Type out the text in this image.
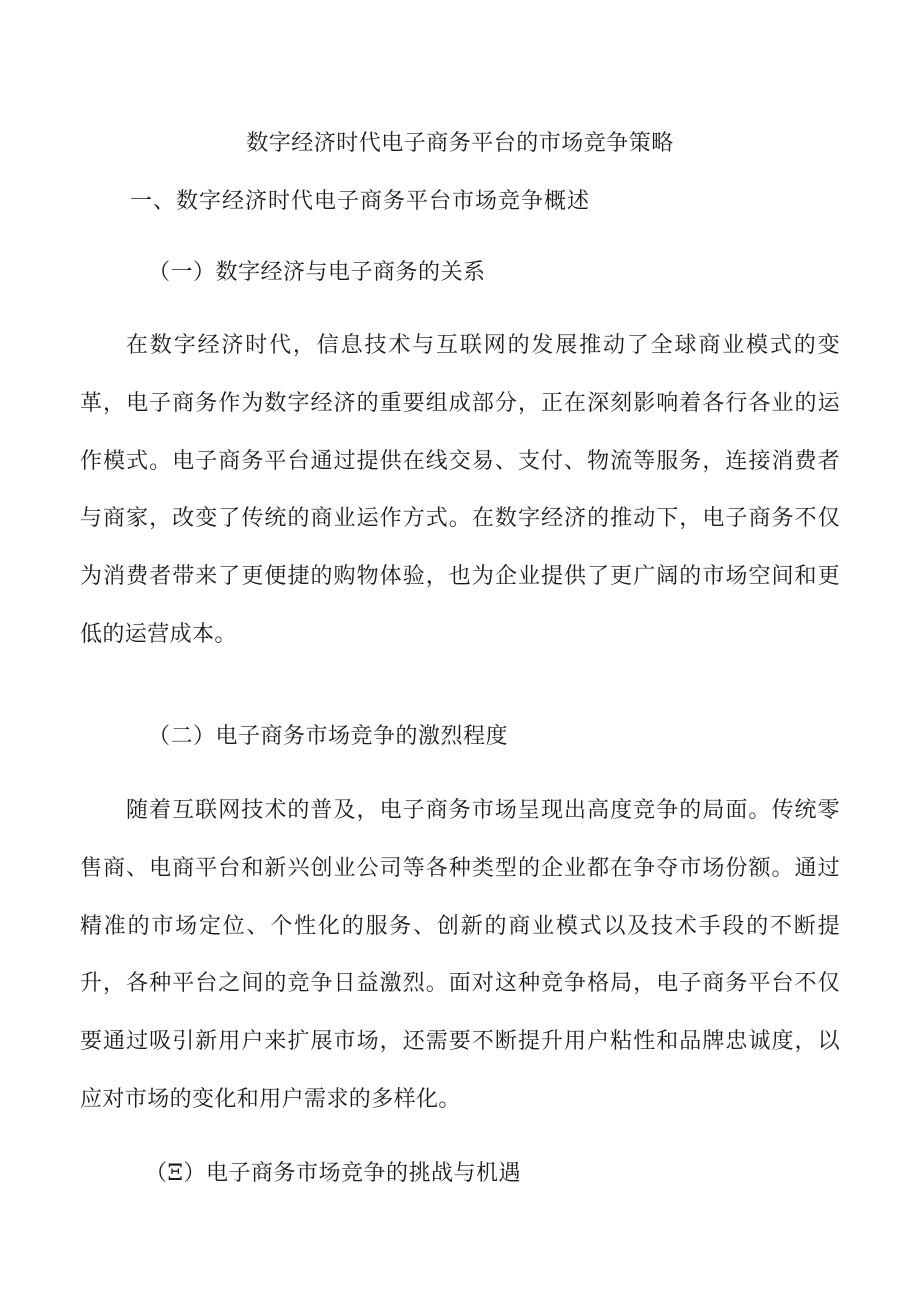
数字经济时代电子商务平台的市场竞争策略
一、数字经济时代电子商务平台市场竞争概述
（一）数字经济与电子商务的关系

在数字经济时代，信息技术与互联网的发展推动了全球商业模式的变革，电子商务作为数字经济的重要组成部分，正在深刻影响着各行各业的运作模式。电子商务平台通过提供在线交易、支付、物流等服务，连接消费者与商家，改变了传统的商业运作方式。在数字经济的推动下，电子商务不仅为消费者带来了更便捷的购物体验，也为企业提供了更广阔的市场空间和更低的运营成本。

（二）电子商务市场竞争的激烈程度

随着互联网技术的普及，电子商务市场呈现出高度竞争的局面。传统零售商、电商平台和新兴创业公司等各种类型的企业都在争夺市场份额。通过精准的市场定位、个性化的服务、创新的商业模式以及技术手段的不断提升，各种平台之间的竞争日益激烈。面对这种竞争格局，电子商务平台不仅要通过吸引新用户来扩展市场，还需要不断提升用户粘性和品牌忠诚度，以应对市场的变化和用户需求的多样化。

（Ξ）电子商务市场竞争的挑战与机遇
